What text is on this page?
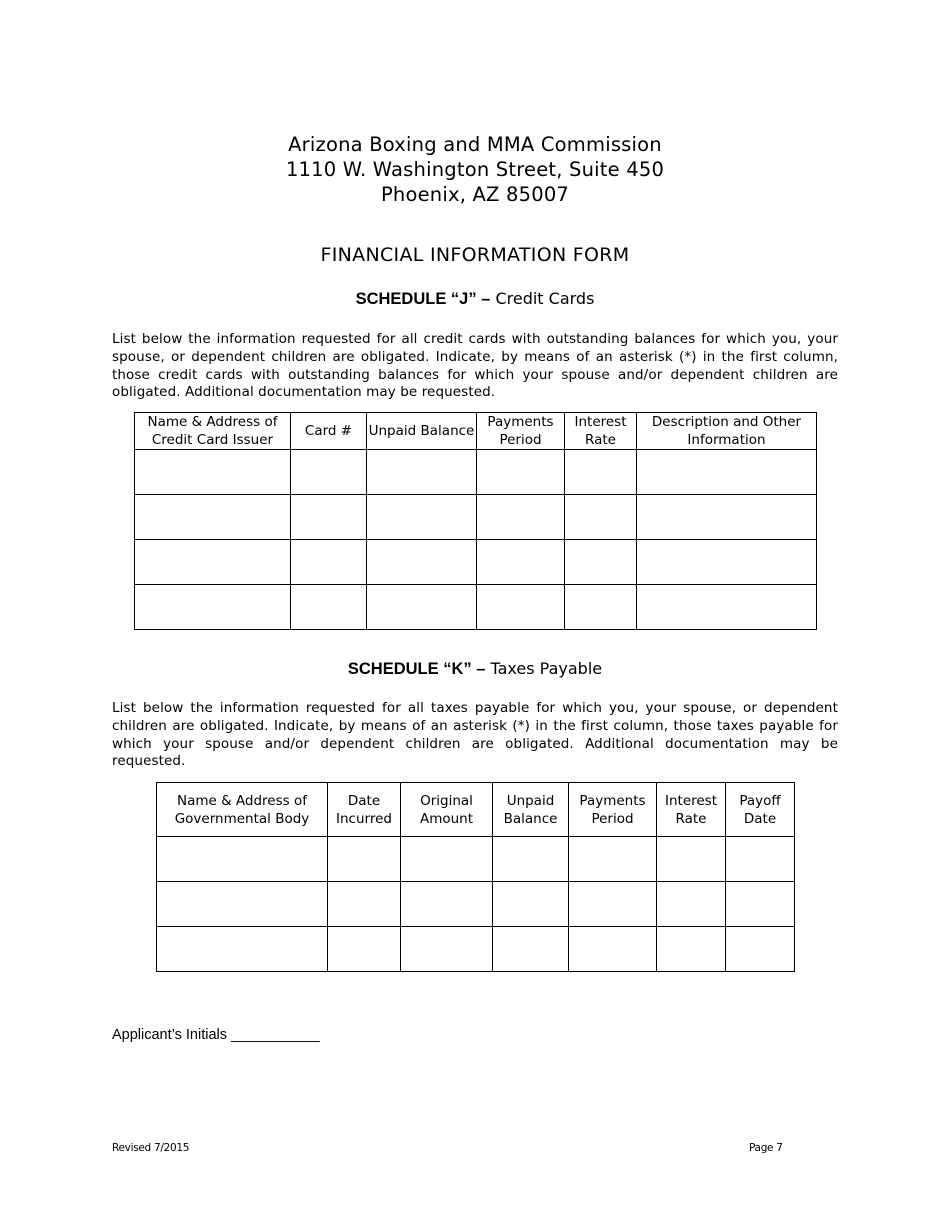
Arizona Boxing and MMA Commission
1110 W. Washington Street, Suite 450
Phoenix, AZ 85007
FINANCIAL INFORMATION FORM
SCHEDULE “J” – Credit Cards
List below the information requested for all credit cards with outstanding balances for which you, your spouse, or dependent children are obligated. Indicate, by means of an asterisk (*) in the first column, those credit cards with outstanding balances for which your spouse and/or dependent children are obligated. Additional documentation may be requested.
Name & Address of Credit Card Issuer	Card #	Unpaid Balance	Payments Period	Interest Rate	Description and Other Information

SCHEDULE “K” – Taxes Payable
List below the information requested for all taxes payable for which you, your spouse, or dependent children are obligated. Indicate, by means of an asterisk (*) in the first column, those taxes payable for which your spouse and/or dependent children are obligated. Additional documentation may be requested.
Name & Address of Governmental Body	Date Incurred	Original Amount	Unpaid Balance	Payments Period	Interest Rate	Payoff Date

Applicant’s Initials ___________
Revised 7/2015	Page 7
